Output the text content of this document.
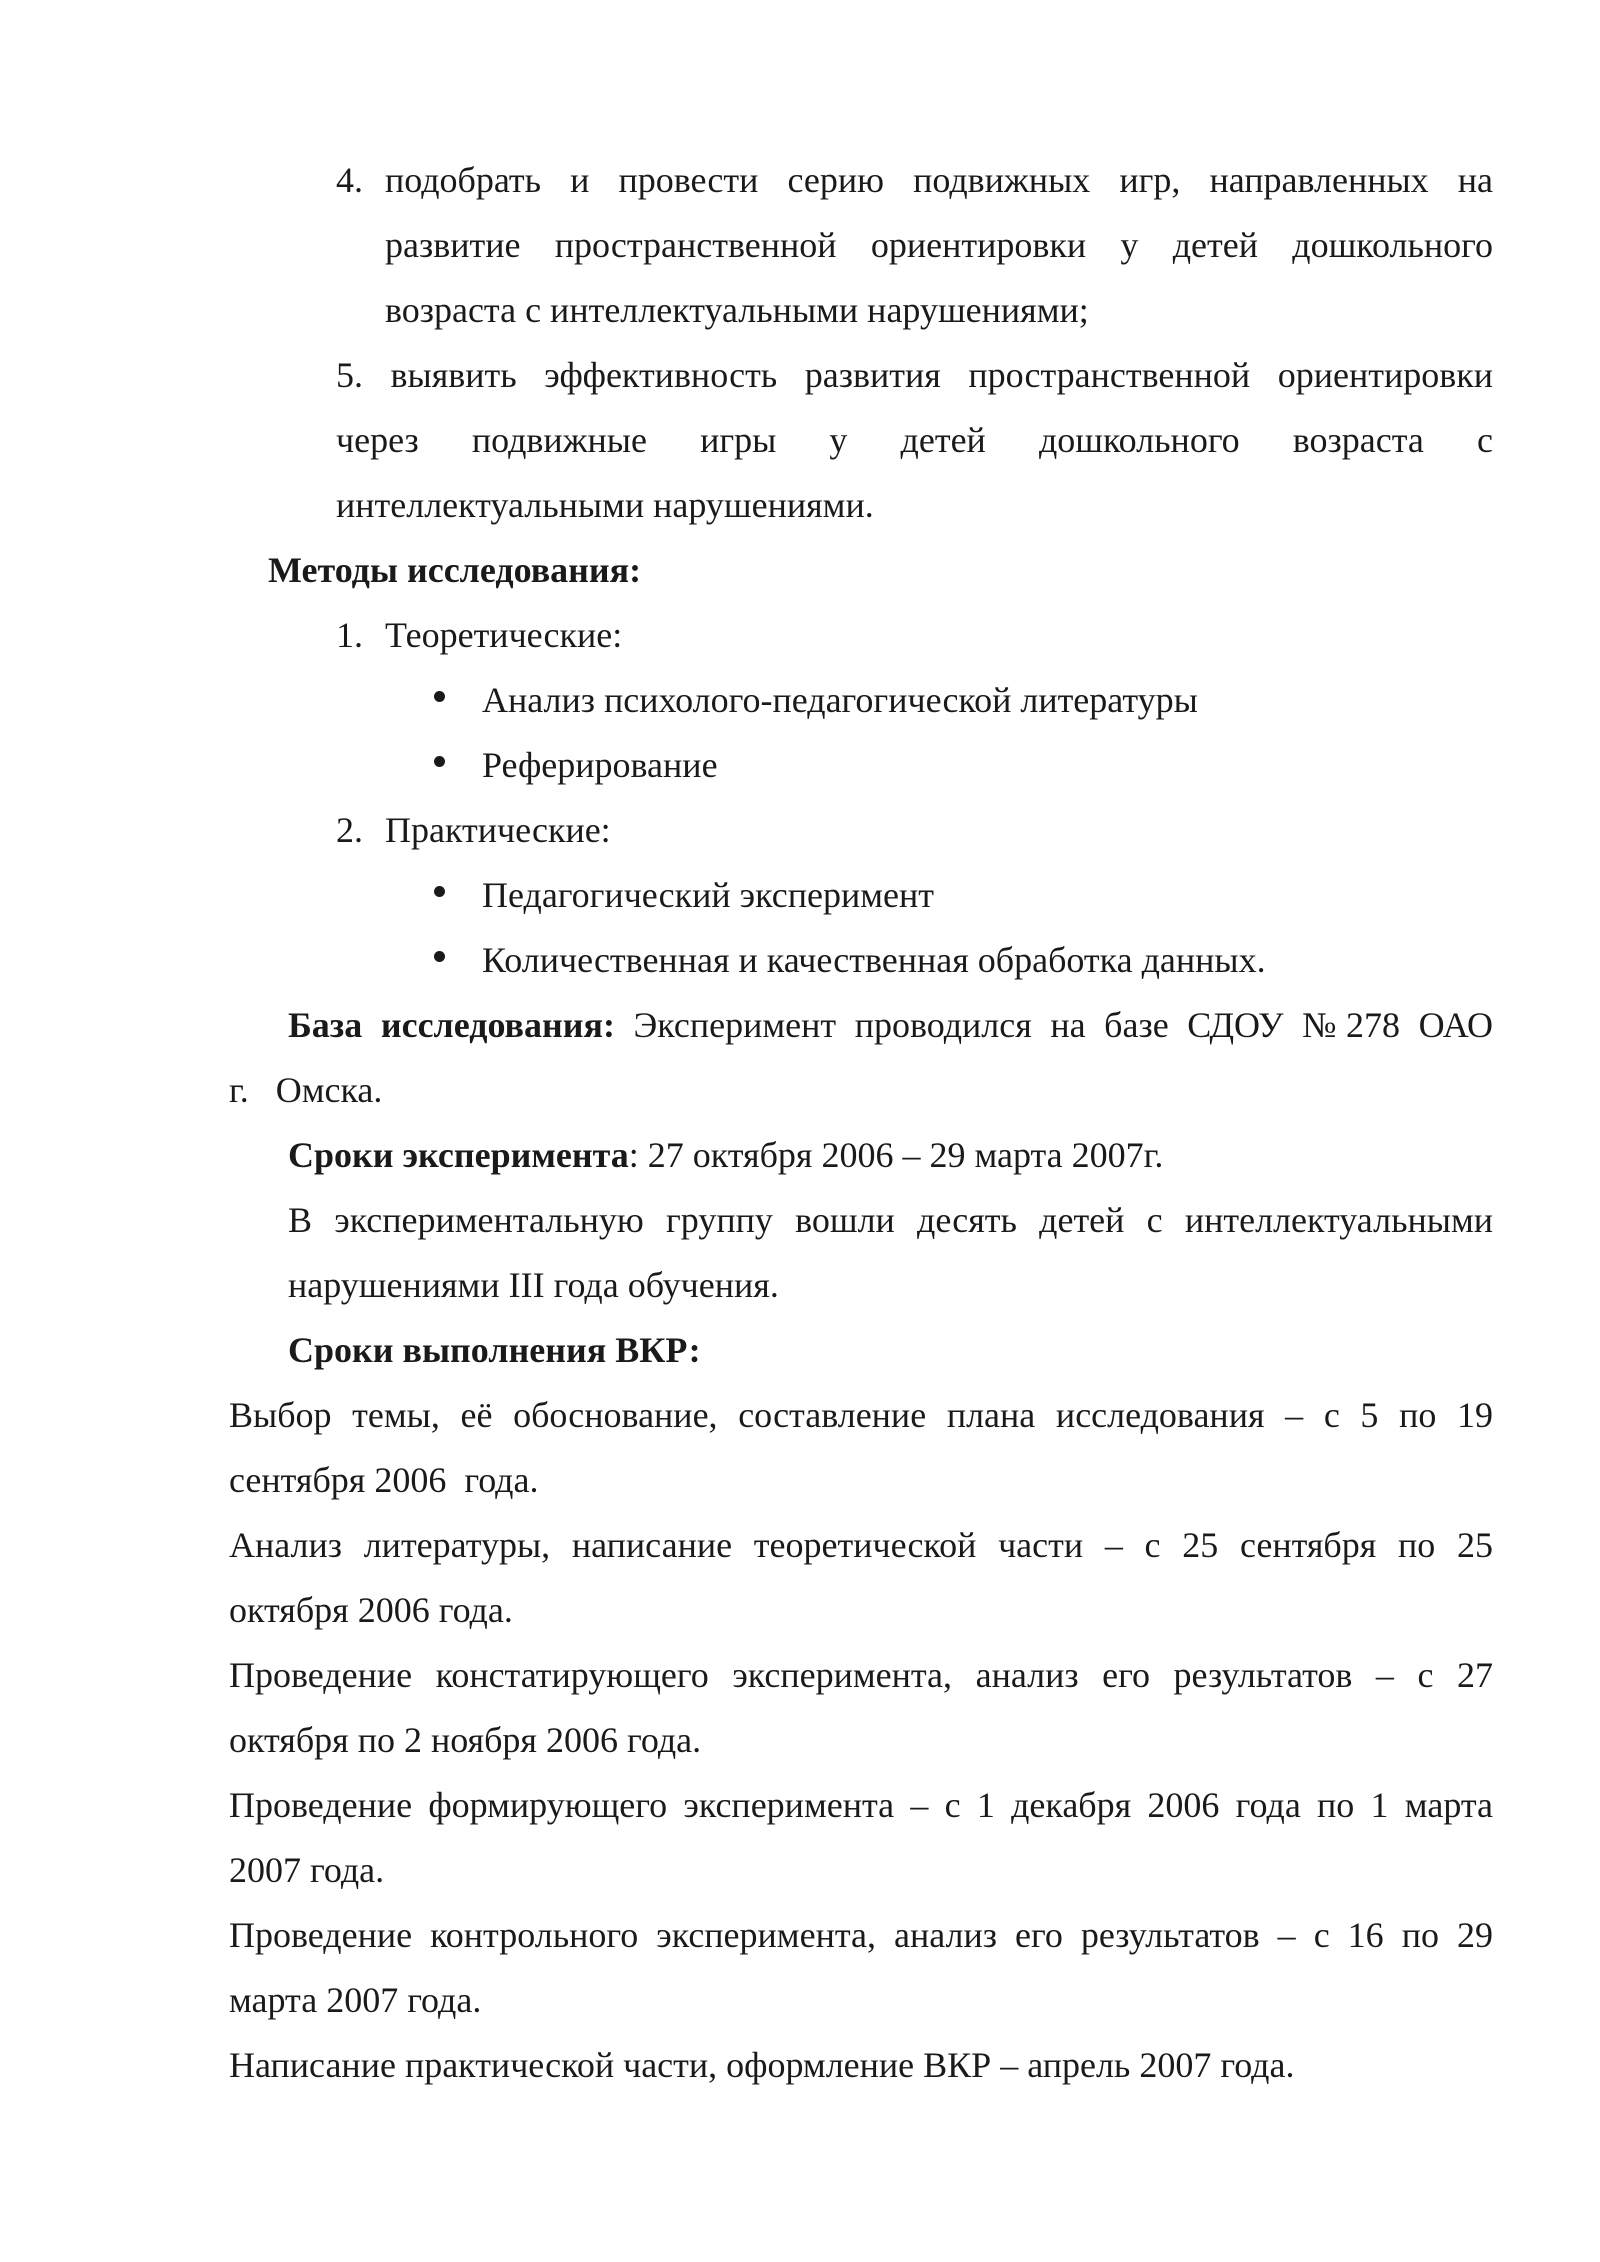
4. подобрать и провести серию подвижных игр, направленных на
развитие пространственной ориентировки у детей дошкольного
возраста с интеллектуальными нарушениями;
5. выявить эффективность развития пространственной ориентировки
через подвижные игры у детей дошкольного возраста с
интеллектуальными нарушениями.
Методы исследования:
1. Теоретические:
Анализ психолого-педагогической литературы
Реферирование
2. Практические:
Педагогический эксперимент
Количественная и качественная обработка данных.
База исследования: Эксперимент проводился на базе СДОУ №278 ОАО
г.   Омска.
Сроки эксперимента: 27 октября 2006 – 29 марта 2007г.
В экспериментальную группу вошли десять детей с интеллектуальными
нарушениями III года обучения.
Сроки выполнения ВКР:
Выбор темы, её обоснование, составление плана исследования – с 5 по 19
сентября 2006  года.
Анализ литературы, написание теоретической части – с 25 сентября по 25
октября 2006 года.
Проведение констатирующего эксперимента, анализ его результатов – с 27
октября по 2 ноября 2006 года.
Проведение формирующего эксперимента – с 1 декабря 2006 года по 1 марта
2007 года.
Проведение контрольного эксперимента, анализ его результатов – с 16 по 29
марта 2007 года.
Написание практической части, оформление ВКР – апрель 2007 года.
